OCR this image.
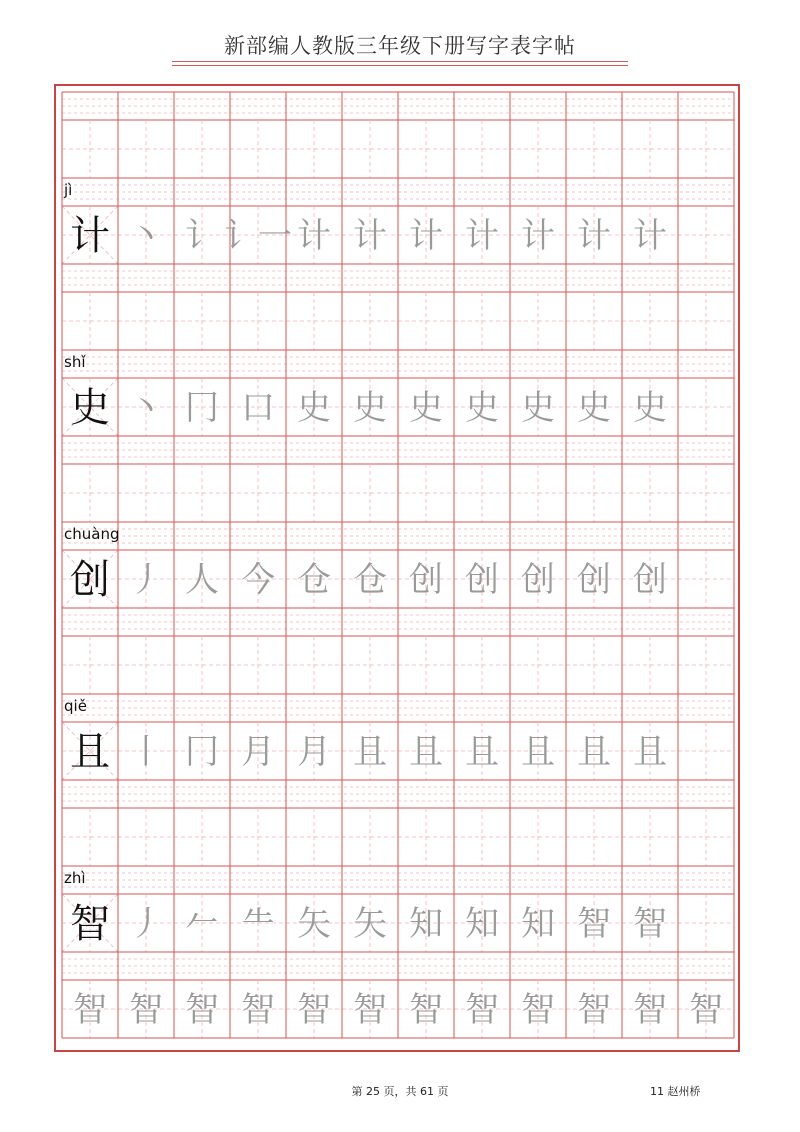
新部编人教版三年级下册写字表字帖
jì
计 丶 讠 讠一 计 计 计 计 计 计 计
shǐ
史 丶 冂 口 史 史 史 史 史 史 史
chuàng
创 丿 人 今 仓 仓 创 创 创 创 创
qiě
且 丨 冂 月 月 且 且 且 且 且 且
zhì
智 丿 𠂉 ⺧ 矢 矢 知 知 知 智 智
智 智 智 智 智 智 智 智 智 智 智 智
第 25 页，共 61 页	11 赵州桥
